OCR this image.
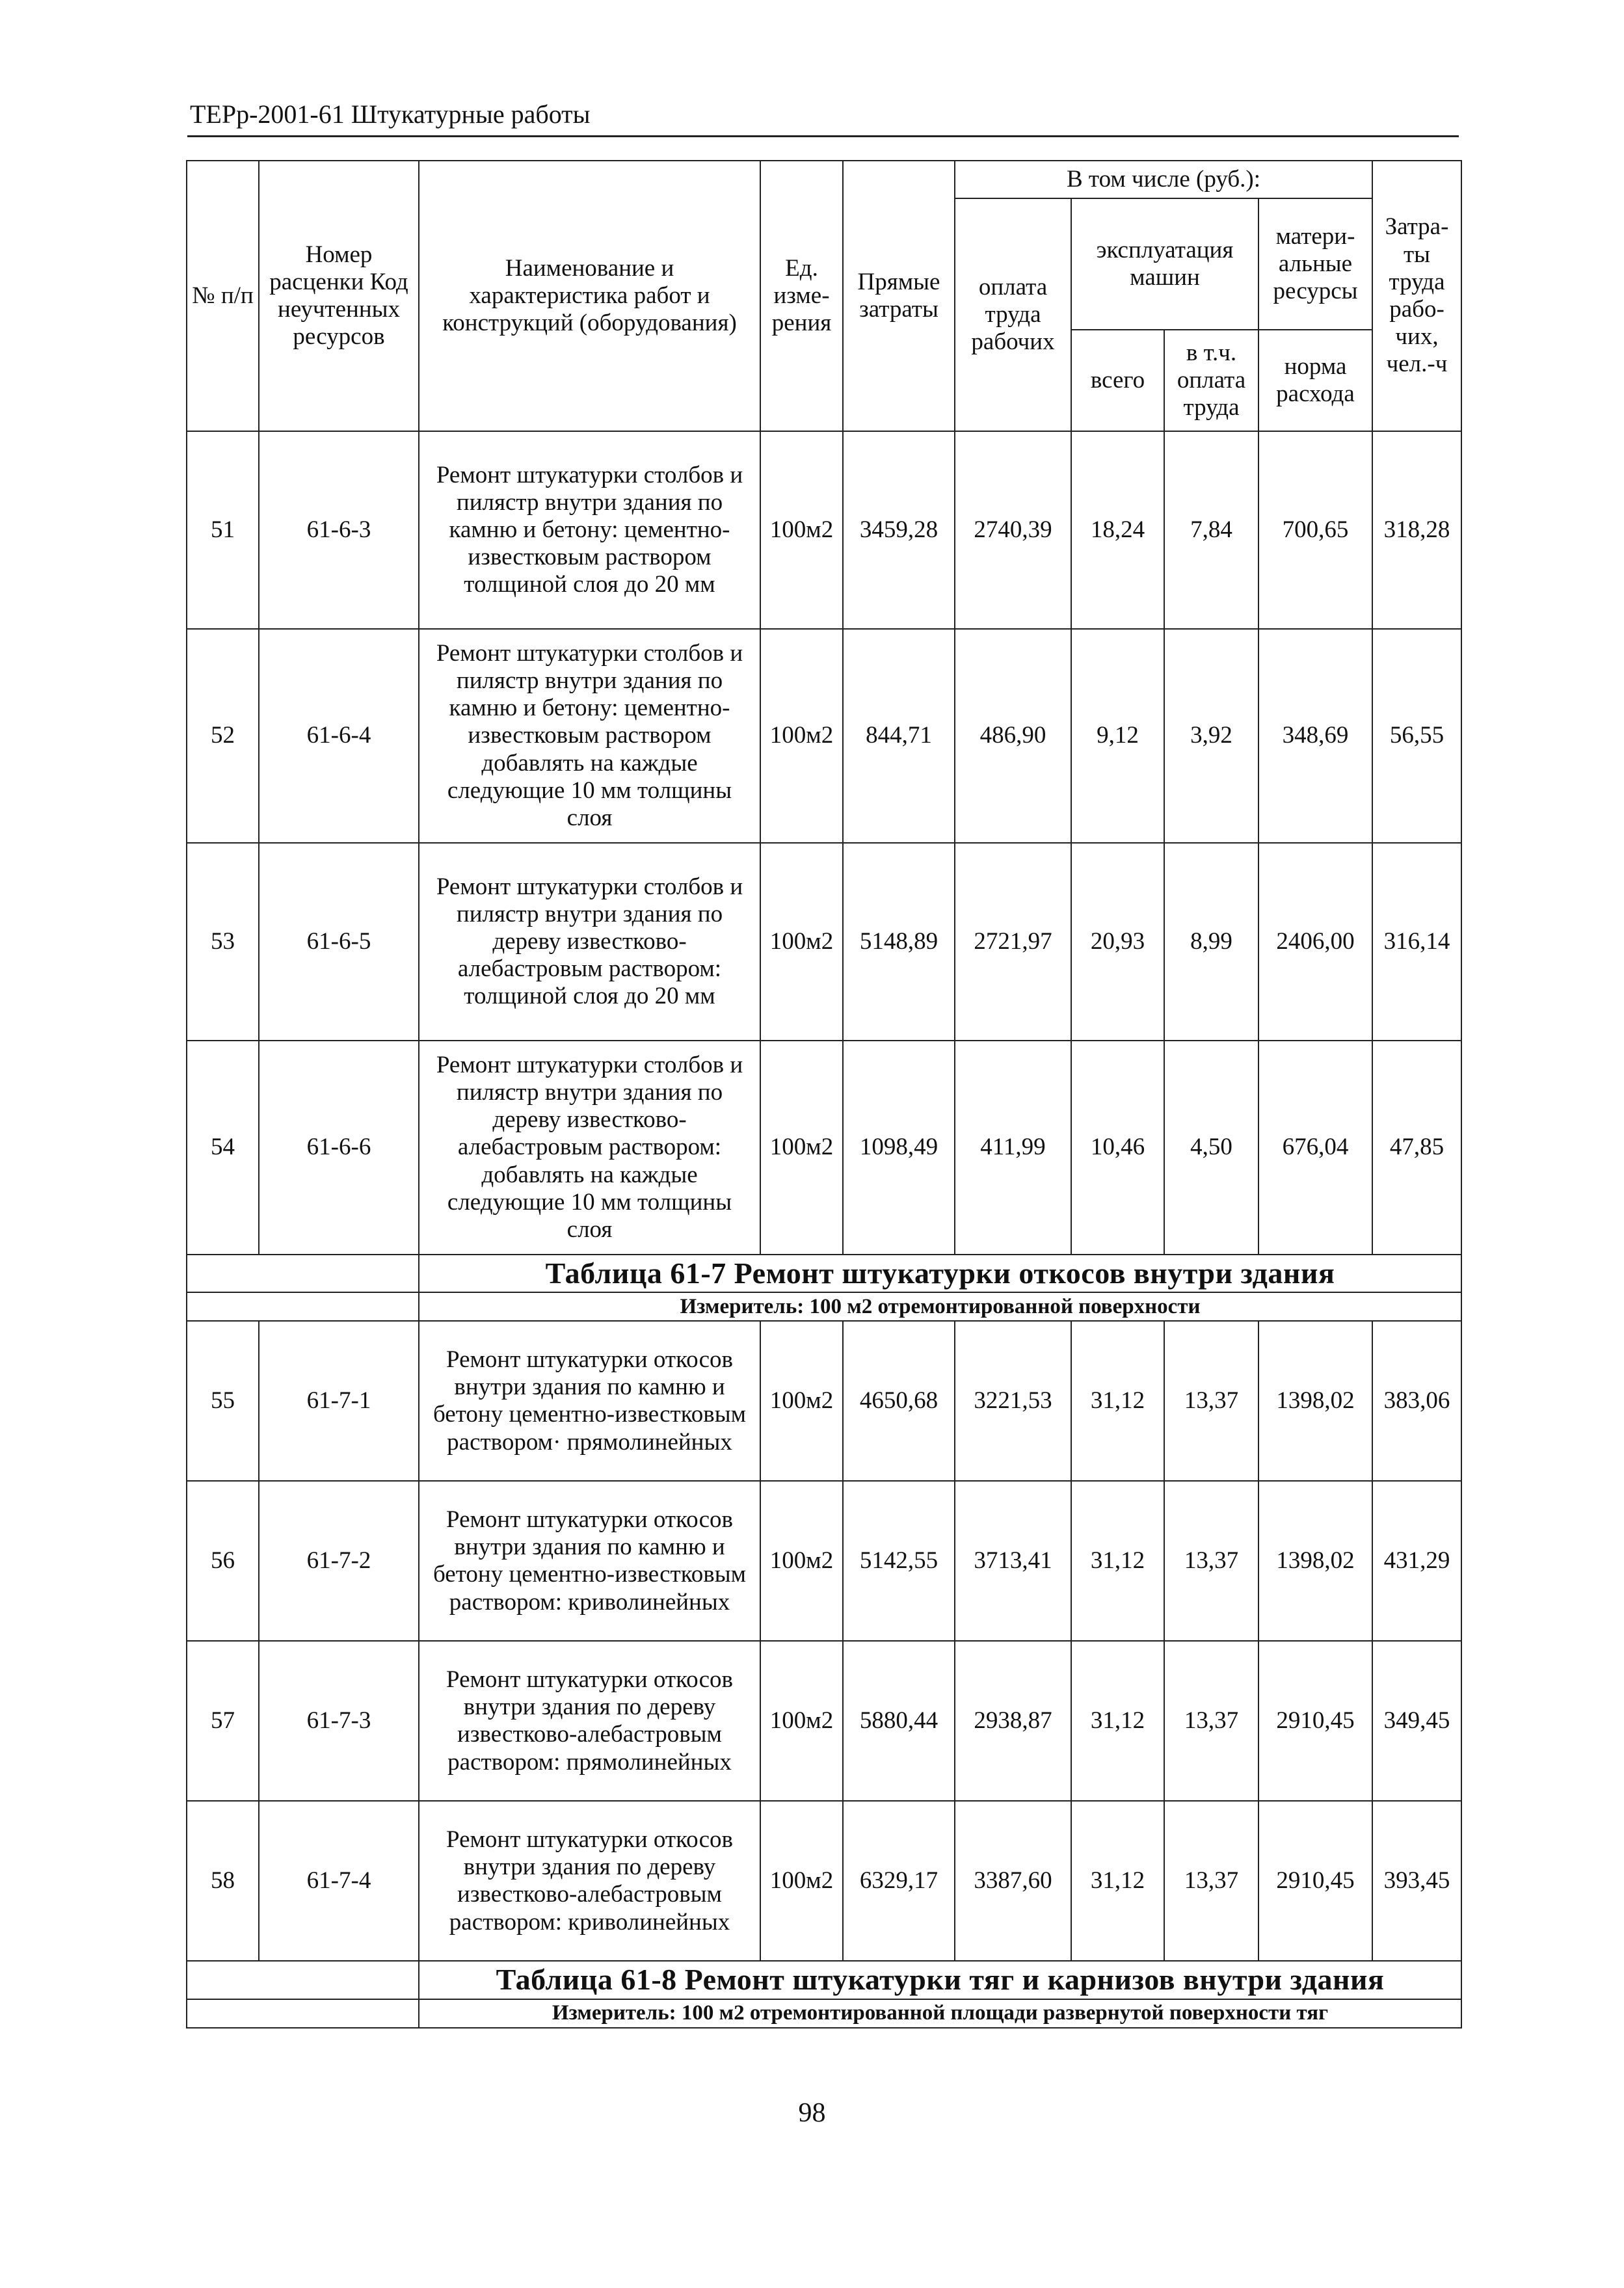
ТЕРр-2001-61 Штукатурные работы
№ п/п	Номер расценки Код неучтенных ресурсов	Наименование и характеристика работ и конструкций (оборудования)	Ед. изме-рения	Прямые затраты	В том числе (руб.):				Затра-ты труда рабо-чих, чел.-ч
					оплата труда рабочих	эксплуатация машин		матери-альные ресурсы	
						всего	в т.ч. оплата труда	норма расхода	
51	61-6-3	Ремонт штукатурки столбов и пилястр внутри здания по камню и бетону: цементно-известковым раствором толщиной слоя до 20 мм	100м2	3459,28	2740,39	18,24	7,84	700,65	318,28
52	61-6-4	Ремонт штукатурки столбов и пилястр внутри здания по камню и бетону: цементно-известковым раствором добавлять на каждые следующие 10 мм толщины слоя	100м2	844,71	486,90	9,12	3,92	348,69	56,55
53	61-6-5	Ремонт штукатурки столбов и пилястр внутри здания по дереву известково-алебастровым раствором: толщиной слоя до 20 мм	100м2	5148,89	2721,97	20,93	8,99	2406,00	316,14
54	61-6-6	Ремонт штукатурки столбов и пилястр внутри здания по дереву известково-алебастровым раствором: добавлять на каждые следующие 10 мм толщины слоя	100м2	1098,49	411,99	10,46	4,50	676,04	47,85
		Таблица 61-7 Ремонт штукатурки откосов внутри здания							
		Измеритель: 100 м2 отремонтированной поверхности							
55	61-7-1	Ремонт штукатурки откосов внутри здания по камню и бетону цементно-известковым раствором· прямолинейных	100м2	4650,68	3221,53	31,12	13,37	1398,02	383,06
56	61-7-2	Ремонт штукатурки откосов внутри здания по камню и бетону цементно-известковым раствором: криволинейных	100м2	5142,55	3713,41	31,12	13,37	1398,02	431,29
57	61-7-3	Ремонт штукатурки откосов внутри здания по дереву известково-алебастровым раствором: прямолинейных	100м2	5880,44	2938,87	31,12	13,37	2910,45	349,45
58	61-7-4	Ремонт штукатурки откосов внутри здания по дереву известково-алебастровым раствором: криволинейных	100м2	6329,17	3387,60	31,12	13,37	2910,45	393,45
		Таблица 61-8 Ремонт штукатурки тяг и карнизов внутри здания							
		Измеритель: 100 м2 отремонтированной площади развернутой поверхности тяг							
98
